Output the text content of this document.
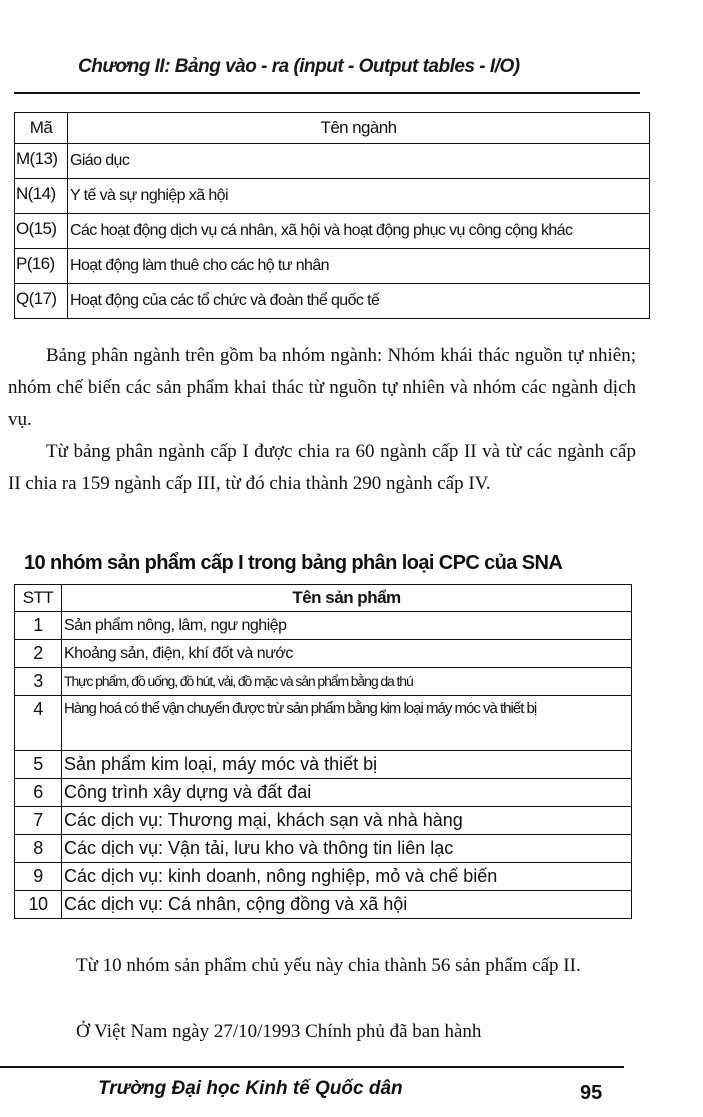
Chương II: Bảng vào - ra (input - Output tables - I/O)
Mã	Tên ngành
M(13)	Giáo dục
N(14)	Y tế và sự nghiệp xã hội
O(15)	Các hoạt động dịch vụ cá nhân, xã hội và hoạt động phục vụ công cộng khác
P(16)	Hoạt động làm thuê cho các hộ tư nhân
Q(17)	Hoạt động của các tổ chức và đoàn thể quốc tế
Bảng phân ngành trên gồm ba nhóm ngành: Nhóm khái thác nguồn tự nhiên; nhóm chế biến các sản phẩm khai thác từ nguồn tự nhiên và nhóm các ngành dịch vụ.
Từ bảng phân ngành cấp I được chia ra 60 ngành cấp II và từ các ngành cấp II chia ra 159 ngành cấp III, từ đó chia thành 290 ngành cấp IV.
10 nhóm sản phẩm cấp I trong bảng phân loại CPC của SNA
STT	Tên sản phẩm
1	Sản phẩm nông, lâm, ngư nghiệp
2	Khoảng sản, điện, khí đốt và nước
3	Thực phẩm, đồ uống, đồ hút, vải, đồ mặc và sản phẩm bằng da thú
4	Hàng hoá có thể vận chuyển được trừ sản phẩm bằng kim loại máy móc và thiết bị
5	Sản phẩm kim loại, máy móc và thiết bị
6	Công trình xây dựng và đất đai
7	Các dịch vụ: Thương mại, khách sạn và nhà hàng
8	Các dịch vụ: Vận tải, lưu kho và thông tin liên lạc
9	Các dịch vụ: kinh doanh, nông nghiệp, mỏ và chế biến
10	Các dịch vụ: Cá nhân, cộng đồng và xã hội
Từ 10 nhóm sản phẩm chủ yếu này chia thành 56 sản phẩm cấp II.
Ở Việt Nam ngày 27/10/1993 Chính phủ đã ban hành
Trường Đại học Kinh tế Quốc dân	95
